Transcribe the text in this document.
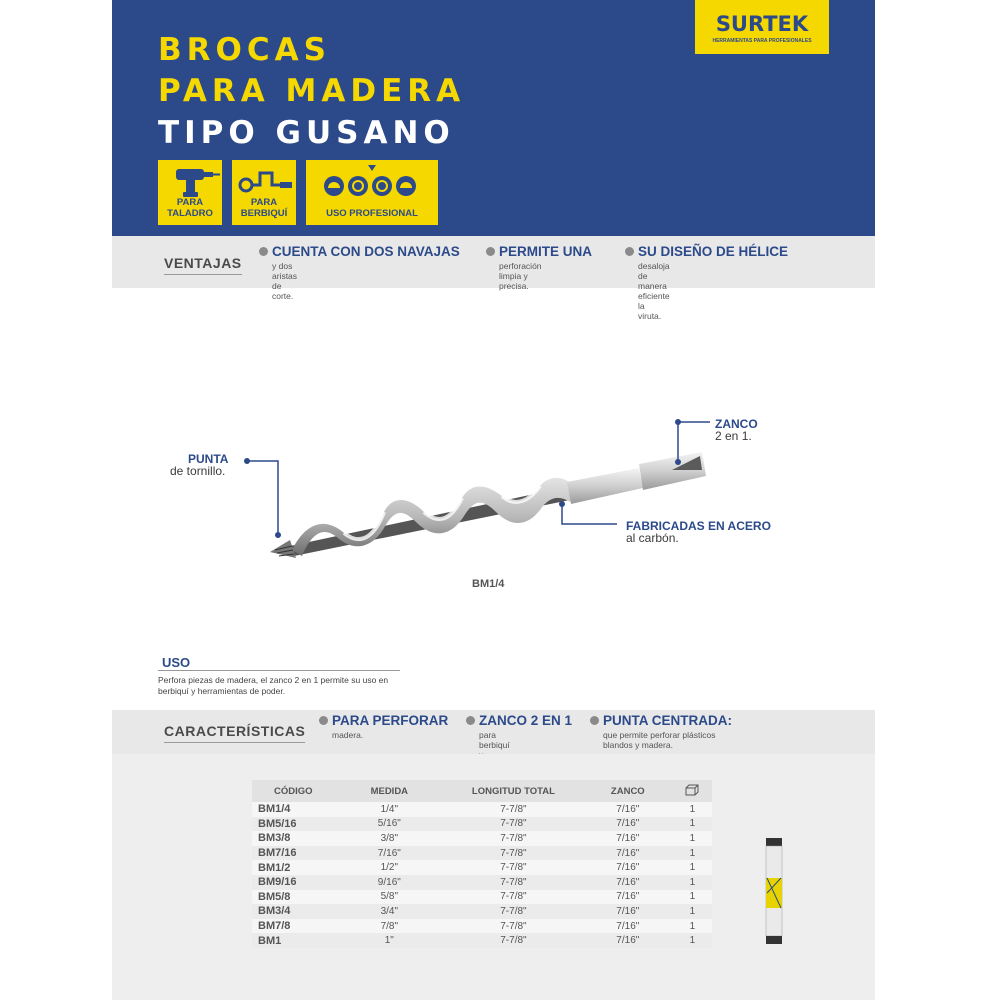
BROCAS
PARA MADERA
TIPO GUSANO
SURTEK
HERRAMIENTAS PARA PROFESIONALES
PARA TALADRO
PARA BERBIQUÍ	USO PROFESIONAL
VENTAJAS
CUENTA CON DOS NAVAJAS
y dos aristas de corte.
PERMITE UNA
perforación limpia y precisa.
SU DISEÑO DE HÉLICE
desaloja de manera eficiente la viruta.
PUNTA
de tornillo.
ZANCO
2 en 1.
FABRICADAS EN ACERO
al carbón.
BM1/4
USO
Perfora piezas de madera, el zanco 2 en 1 permite su uso en berbiquí y herramientas de poder.
CARACTERÍSTICAS
PARA PERFORAR
madera.
ZANCO 2 EN 1
para berbiquí
PUNTA CENTRADA:
que permite perforar plásticos blandos y madera.
CÓDIGO	MEDIDA	LONGITUD TOTAL	ZANCO	
BM1/4	1/4"	7-7/8"	7/16"	1
BM5/16	5/16"	7-7/8"	7/16"	1
BM3/8	3/8"	7-7/8"	7/16"	1
BM7/16	7/16"	7-7/8"	7/16"	1
BM1/2	1/2"	7-7/8"	7/16"	1
BM9/16	9/16"	7-7/8"	7/16"	1
BM5/8	5/8"	7-7/8"	7/16"	1
BM3/4	3/4"	7-7/8"	7/16"	1
BM7/8	7/8"	7-7/8"	7/16"	1
BM1	1"	7-7/8"	7/16"	1
